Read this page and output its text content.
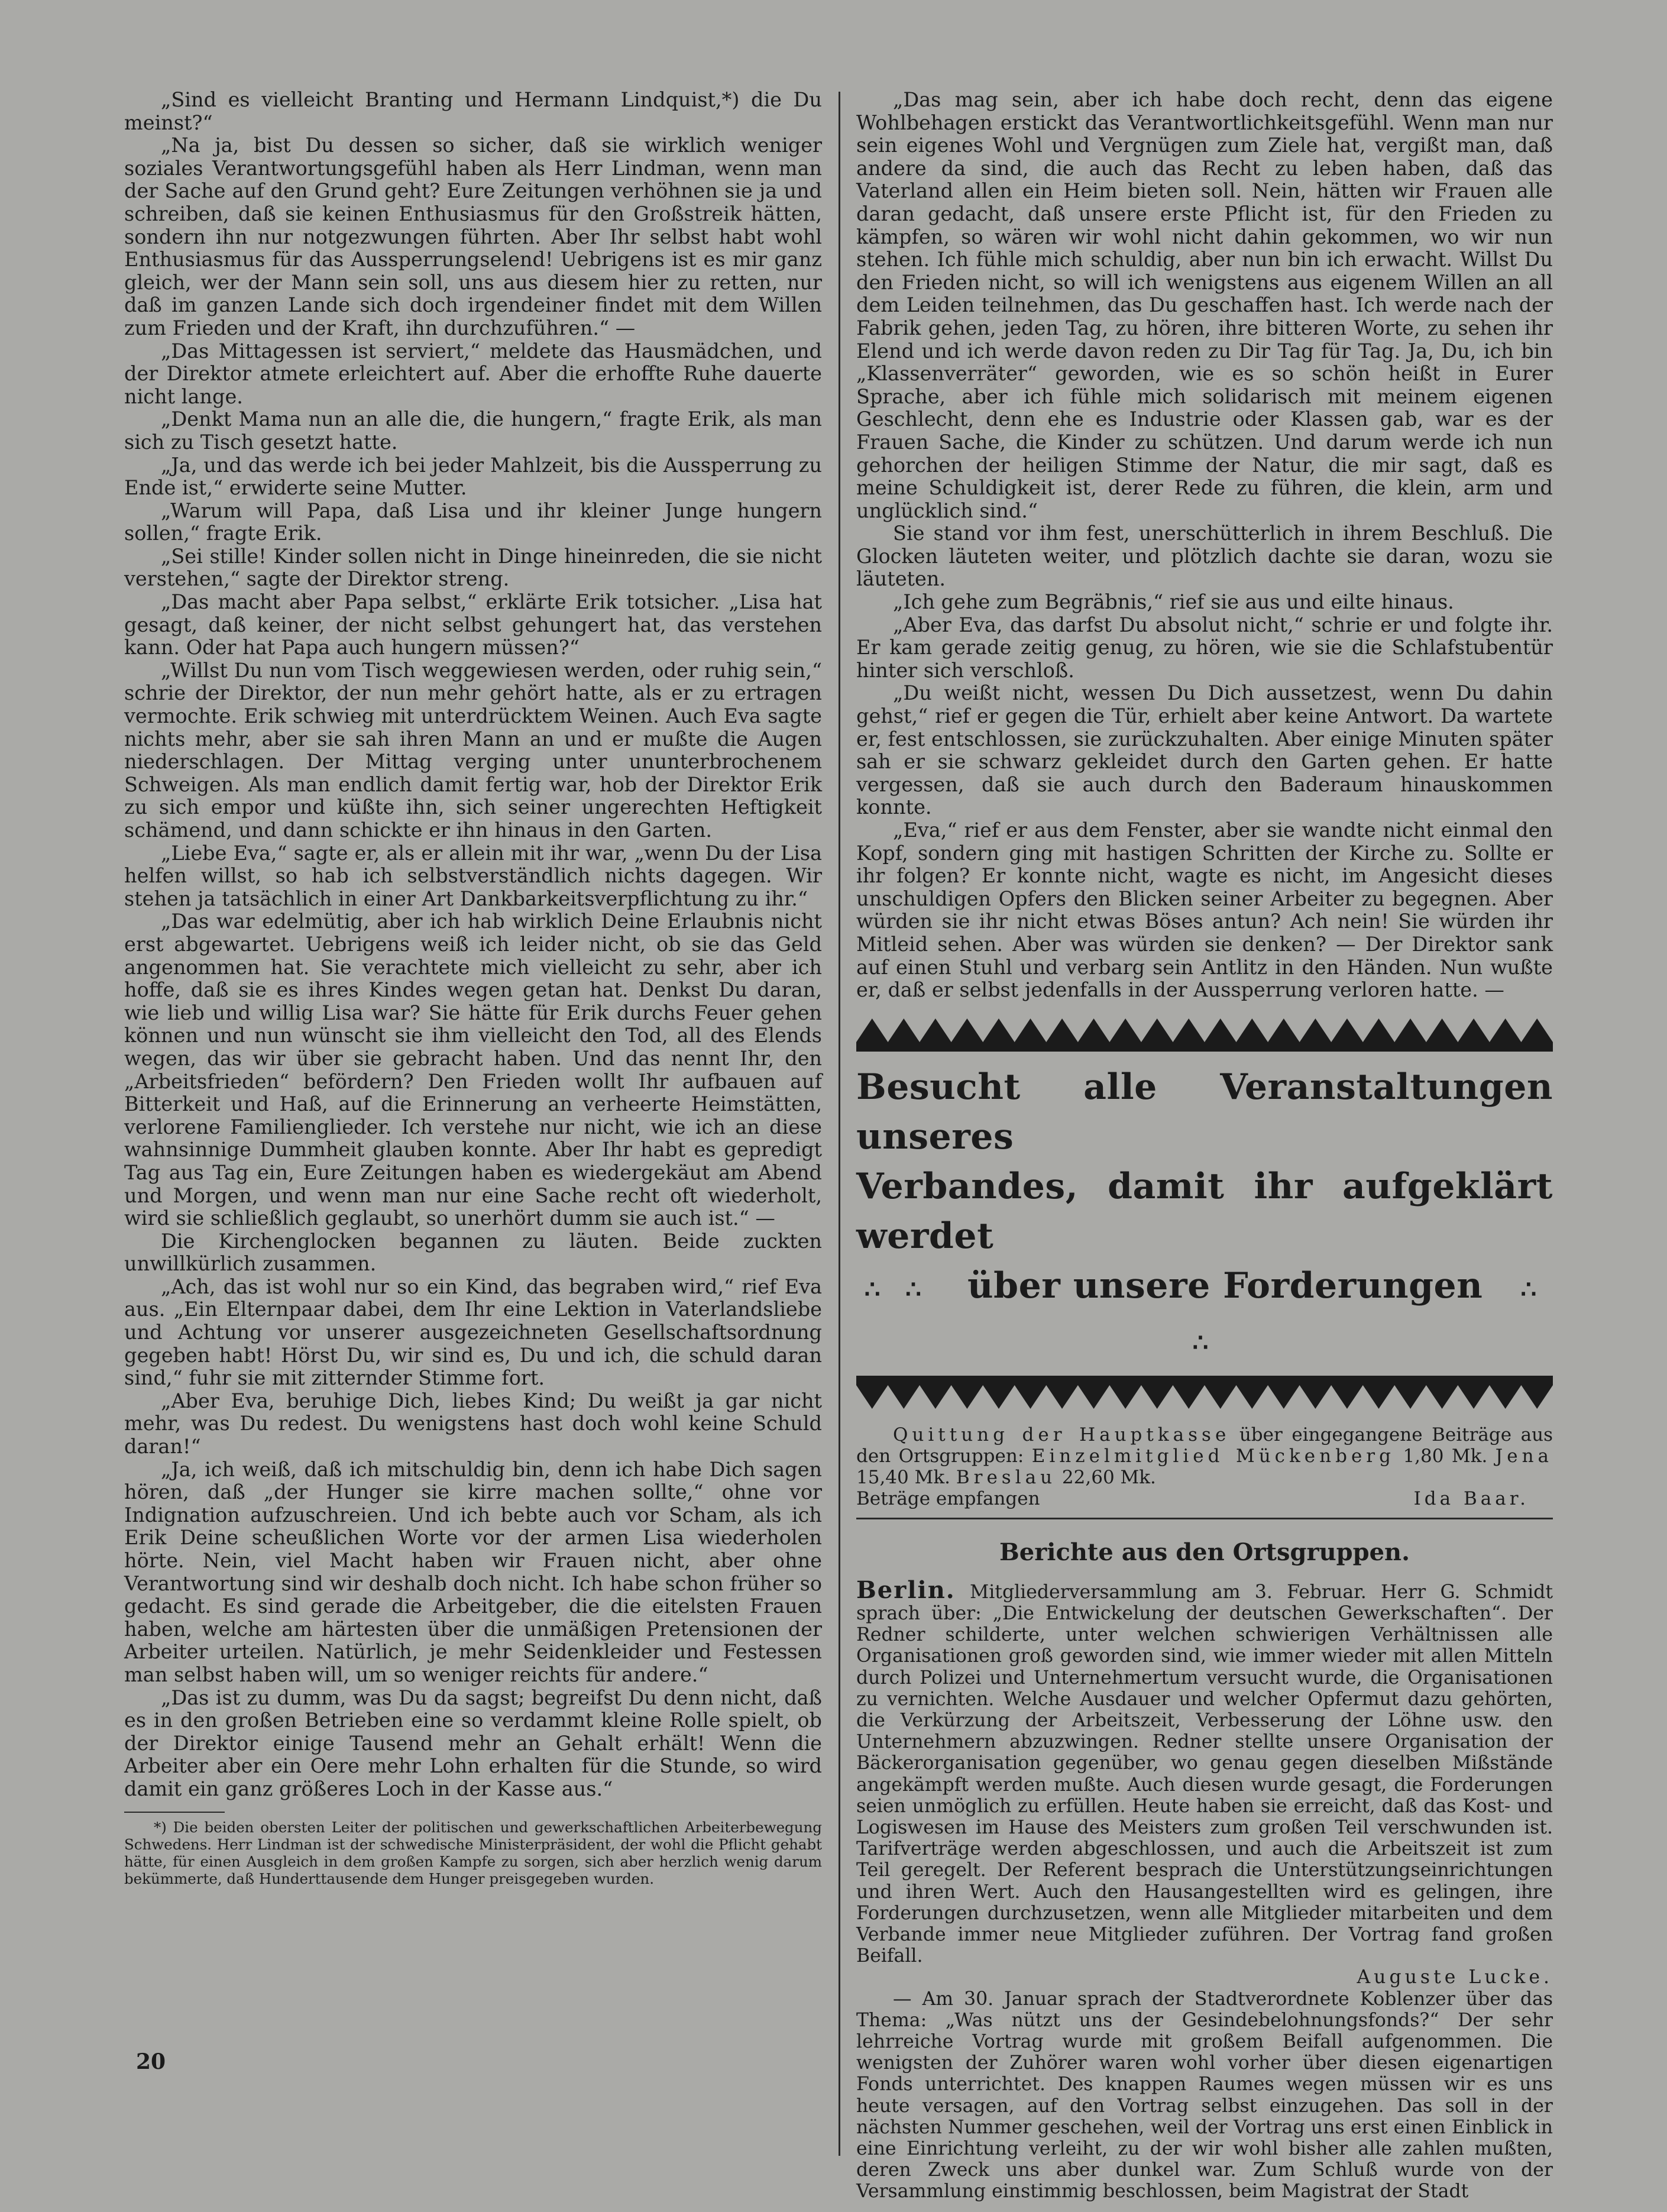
„Sind es vielleicht Branting und Hermann Lindquist,*) die Du meinst?“

„Na ja, bist Du dessen so sicher, daß sie wirklich weniger soziales Verantwortungsgefühl haben als Herr Lindman, wenn man der Sache auf den Grund geht? Eure Zeitungen verhöhnen sie ja und schreiben, daß sie keinen Enthusiasmus für den Großstreik hätten, sondern ihn nur notgezwungen führten. Aber Ihr selbst habt wohl Enthusiasmus für das Aussperrungselend! Uebrigens ist es mir ganz gleich, wer der Mann sein soll, uns aus diesem hier zu retten, nur daß im ganzen Lande sich doch irgendeiner findet mit dem Willen zum Frieden und der Kraft, ihn durchzuführen.“ —

„Das Mittagessen ist serviert,“ meldete das Hausmädchen, und der Direktor atmete erleichtert auf. Aber die erhoffte Ruhe dauerte nicht lange.

„Denkt Mama nun an alle die, die hungern,“ fragte Erik, als man sich zu Tisch gesetzt hatte.

„Ja, und das werde ich bei jeder Mahlzeit, bis die Aussperrung zu Ende ist,“ erwiderte seine Mutter.

„Warum will Papa, daß Lisa und ihr kleiner Junge hungern sollen,“ fragte Erik.

„Sei stille! Kinder sollen nicht in Dinge hineinreden, die sie nicht verstehen,“ sagte der Direktor streng.

„Das macht aber Papa selbst,“ erklärte Erik totsicher. „Lisa hat gesagt, daß keiner, der nicht selbst gehungert hat, das verstehen kann. Oder hat Papa auch hungern müssen?“

„Willst Du nun vom Tisch weggewiesen werden, oder ruhig sein,“ schrie der Direktor, der nun mehr gehört hatte, als er zu ertragen vermochte. Erik schwieg mit unterdrücktem Weinen. Auch Eva sagte nichts mehr, aber sie sah ihren Mann an und er mußte die Augen niederschlagen. Der Mittag verging unter ununterbrochenem Schweigen. Als man endlich damit fertig war, hob der Direktor Erik zu sich empor und küßte ihn, sich seiner ungerechten Heftigkeit schämend, und dann schickte er ihn hinaus in den Garten.

„Liebe Eva,“ sagte er, als er allein mit ihr war, „wenn Du der Lisa helfen willst, so hab ich selbstverständlich nichts dagegen. Wir stehen ja tatsächlich in einer Art Dankbarkeitsverpflichtung zu ihr.“

„Das war edelmütig, aber ich hab wirklich Deine Erlaubnis nicht erst abgewartet. Uebrigens weiß ich leider nicht, ob sie das Geld angenommen hat. Sie verachtete mich vielleicht zu sehr, aber ich hoffe, daß sie es ihres Kindes wegen getan hat. Denkst Du daran, wie lieb und willig Lisa war? Sie hätte für Erik durchs Feuer gehen können und nun wünscht sie ihm vielleicht den Tod, all des Elends wegen, das wir über sie gebracht haben. Und das nennt Ihr, den „Arbeitsfrieden“ befördern? Den Frieden wollt Ihr aufbauen auf Bitterkeit und Haß, auf die Erinnerung an verheerte Heimstätten, verlorene Familienglieder. Ich verstehe nur nicht, wie ich an diese wahnsinnige Dummheit glauben konnte. Aber Ihr habt es gepredigt Tag aus Tag ein, Eure Zeitungen haben es wiedergekäut am Abend und Morgen, und wenn man nur eine Sache recht oft wiederholt, wird sie schließlich geglaubt, so unerhört dumm sie auch ist.“ —

Die Kirchenglocken begannen zu läuten. Beide zuckten unwillkürlich zusammen.

„Ach, das ist wohl nur so ein Kind, das begraben wird,“ rief Eva aus. „Ein Elternpaar dabei, dem Ihr eine Lektion in Vaterlandsliebe und Achtung vor unserer ausgezeichneten Gesellschaftsordnung gegeben habt! Hörst Du, wir sind es, Du und ich, die schuld daran sind,“ fuhr sie mit zitternder Stimme fort.

„Aber Eva, beruhige Dich, liebes Kind; Du weißt ja gar nicht mehr, was Du redest. Du wenigstens hast doch wohl keine Schuld daran!“

„Ja, ich weiß, daß ich mitschuldig bin, denn ich habe Dich sagen hören, daß „der Hunger sie kirre machen sollte,“ ohne vor Indignation aufzuschreien. Und ich bebte auch vor Scham, als ich Erik Deine scheußlichen Worte vor der armen Lisa wiederholen hörte. Nein, viel Macht haben wir Frauen nicht, aber ohne Verantwortung sind wir deshalb doch nicht. Ich habe schon früher so gedacht. Es sind gerade die Arbeitgeber, die die eitelsten Frauen haben, welche am härtesten über die unmäßigen Pretensionen der Arbeiter urteilen. Natürlich, je mehr Seidenkleider und Festessen man selbst haben will, um so weniger reichts für andere.“

„Das ist zu dumm, was Du da sagst; begreifst Du denn nicht, daß es in den großen Betrieben eine so verdammt kleine Rolle spielt, ob der Direktor einige Tausend mehr an Gehalt erhält! Wenn die Arbeiter aber ein Oere mehr Lohn erhalten für die Stunde, so wird damit ein ganz größeres Loch in der Kasse aus.“

*) Die beiden obersten Leiter der politischen und gewerkschaftlichen Arbeiterbewegung Schwedens. Herr Lindman ist der schwedische Ministerpräsident, der wohl die Pflicht gehabt hätte, für einen Ausgleich in dem großen Kampfe zu sorgen, sich aber herzlich wenig darum bekümmerte, daß Hunderttausende dem Hunger preisgegeben wurden.

„Das mag sein, aber ich habe doch recht, denn das eigene Wohlbehagen erstickt das Verantwortlichkeitsgefühl. Wenn man nur sein eigenes Wohl und Vergnügen zum Ziele hat, vergißt man, daß andere da sind, die auch das Recht zu leben haben, daß das Vaterland allen ein Heim bieten soll. Nein, hätten wir Frauen alle daran gedacht, daß unsere erste Pflicht ist, für den Frieden zu kämpfen, so wären wir wohl nicht dahin gekommen, wo wir nun stehen. Ich fühle mich schuldig, aber nun bin ich erwacht. Willst Du den Frieden nicht, so will ich wenigstens aus eigenem Willen an all dem Leiden teilnehmen, das Du geschaffen hast. Ich werde nach der Fabrik gehen, jeden Tag, zu hören, ihre bitteren Worte, zu sehen ihr Elend und ich werde davon reden zu Dir Tag für Tag. Ja, Du, ich bin „Klassenverräter“ geworden, wie es so schön heißt in Eurer Sprache, aber ich fühle mich solidarisch mit meinem eigenen Geschlecht, denn ehe es Industrie oder Klassen gab, war es der Frauen Sache, die Kinder zu schützen. Und darum werde ich nun gehorchen der heiligen Stimme der Natur, die mir sagt, daß es meine Schuldigkeit ist, derer Rede zu führen, die klein, arm und unglücklich sind.“

Sie stand vor ihm fest, unerschütterlich in ihrem Beschluß. Die Glocken läuteten weiter, und plötzlich dachte sie daran, wozu sie läuteten.

„Ich gehe zum Begräbnis,“ rief sie aus und eilte hinaus.

„Aber Eva, das darfst Du absolut nicht,“ schrie er und folgte ihr. Er kam gerade zeitig genug, zu hören, wie sie die Schlafstubentür hinter sich verschloß.

„Du weißt nicht, wessen Du Dich aussetzest, wenn Du dahin gehst,“ rief er gegen die Tür, erhielt aber keine Antwort. Da wartete er, fest entschlossen, sie zurückzuhalten. Aber einige Minuten später sah er sie schwarz gekleidet durch den Garten gehen. Er hatte vergessen, daß sie auch durch den Baderaum hinauskommen konnte.

„Eva,“ rief er aus dem Fenster, aber sie wandte nicht einmal den Kopf, sondern ging mit hastigen Schritten der Kirche zu. Sollte er ihr folgen? Er konnte nicht, wagte es nicht, im Angesicht dieses unschuldigen Opfers den Blicken seiner Arbeiter zu begegnen. Aber würden sie ihr nicht etwas Böses antun? Ach nein! Sie würden ihr Mitleid sehen. Aber was würden sie denken? — Der Direktor sank auf einen Stuhl und verbarg sein Antlitz in den Händen. Nun wußte er, daß er selbst jedenfalls in der Aussperrung verloren hatte. —

Besucht alle Veranstaltungen unseres
Verbandes, damit ihr aufgeklärt werdet

∴ ∴ über unsere Forderungen ∴ ∴

Quittung der Hauptkasse über eingegangene Beiträge aus den Ortsgruppen: Einzelmitglied Mückenberg 1,80 Mk. Jena 15,40 Mk. Breslau 22,60 Mk.

Beträge empfangen	Ida Baar.
Berichte aus den Ortsgruppen.

Berlin. Mitgliederversammlung am 3. Februar. Herr G. Schmidt sprach über: „Die Entwickelung der deutschen Gewerkschaften“. Der Redner schilderte, unter welchen schwierigen Verhältnissen alle Organisationen groß geworden sind, wie immer wieder mit allen Mitteln durch Polizei und Unternehmertum versucht wurde, die Organisationen zu vernichten. Welche Ausdauer und welcher Opfermut dazu gehörten, die Verkürzung der Arbeitszeit, Verbesserung der Löhne usw. den Unternehmern abzuzwingen. Redner stellte unsere Organisation der Bäckerorganisation gegenüber, wo genau gegen dieselben Mißstände angekämpft werden mußte. Auch diesen wurde gesagt, die Forderungen seien unmöglich zu erfüllen. Heute haben sie erreicht, daß das Kost- und Logiswesen im Hause des Meisters zum großen Teil verschwunden ist. Tarifverträge werden abgeschlossen, und auch die Arbeitszeit ist zum Teil geregelt. Der Referent besprach die Unterstützungseinrichtungen und ihren Wert. Auch den Hausangestellten wird es gelingen, ihre Forderungen durchzusetzen, wenn alle Mitglieder mitarbeiten und dem Verbande immer neue Mitglieder zuführen. Der Vortrag fand großen Beifall.

Auguste Lucke.

— Am 30. Januar sprach der Stadtverordnete Koblenzer über das Thema: „Was nützt uns der Gesindebelohnungsfonds?“ Der sehr lehrreiche Vortrag wurde mit großem Beifall aufgenommen. Die wenigsten der Zuhörer waren wohl vorher über diesen eigenartigen Fonds unterrichtet. Des knappen Raumes wegen müssen wir es uns heute versagen, auf den Vortrag selbst einzugehen. Das soll in der nächsten Nummer geschehen, weil der Vortrag uns erst einen Einblick in eine Einrichtung verleiht, zu der wir wohl bisher alle zahlen mußten, deren Zweck uns aber dunkel war. Zum Schluß wurde von der Versammlung einstimmig beschlossen, beim Magistrat der Stadt

20
